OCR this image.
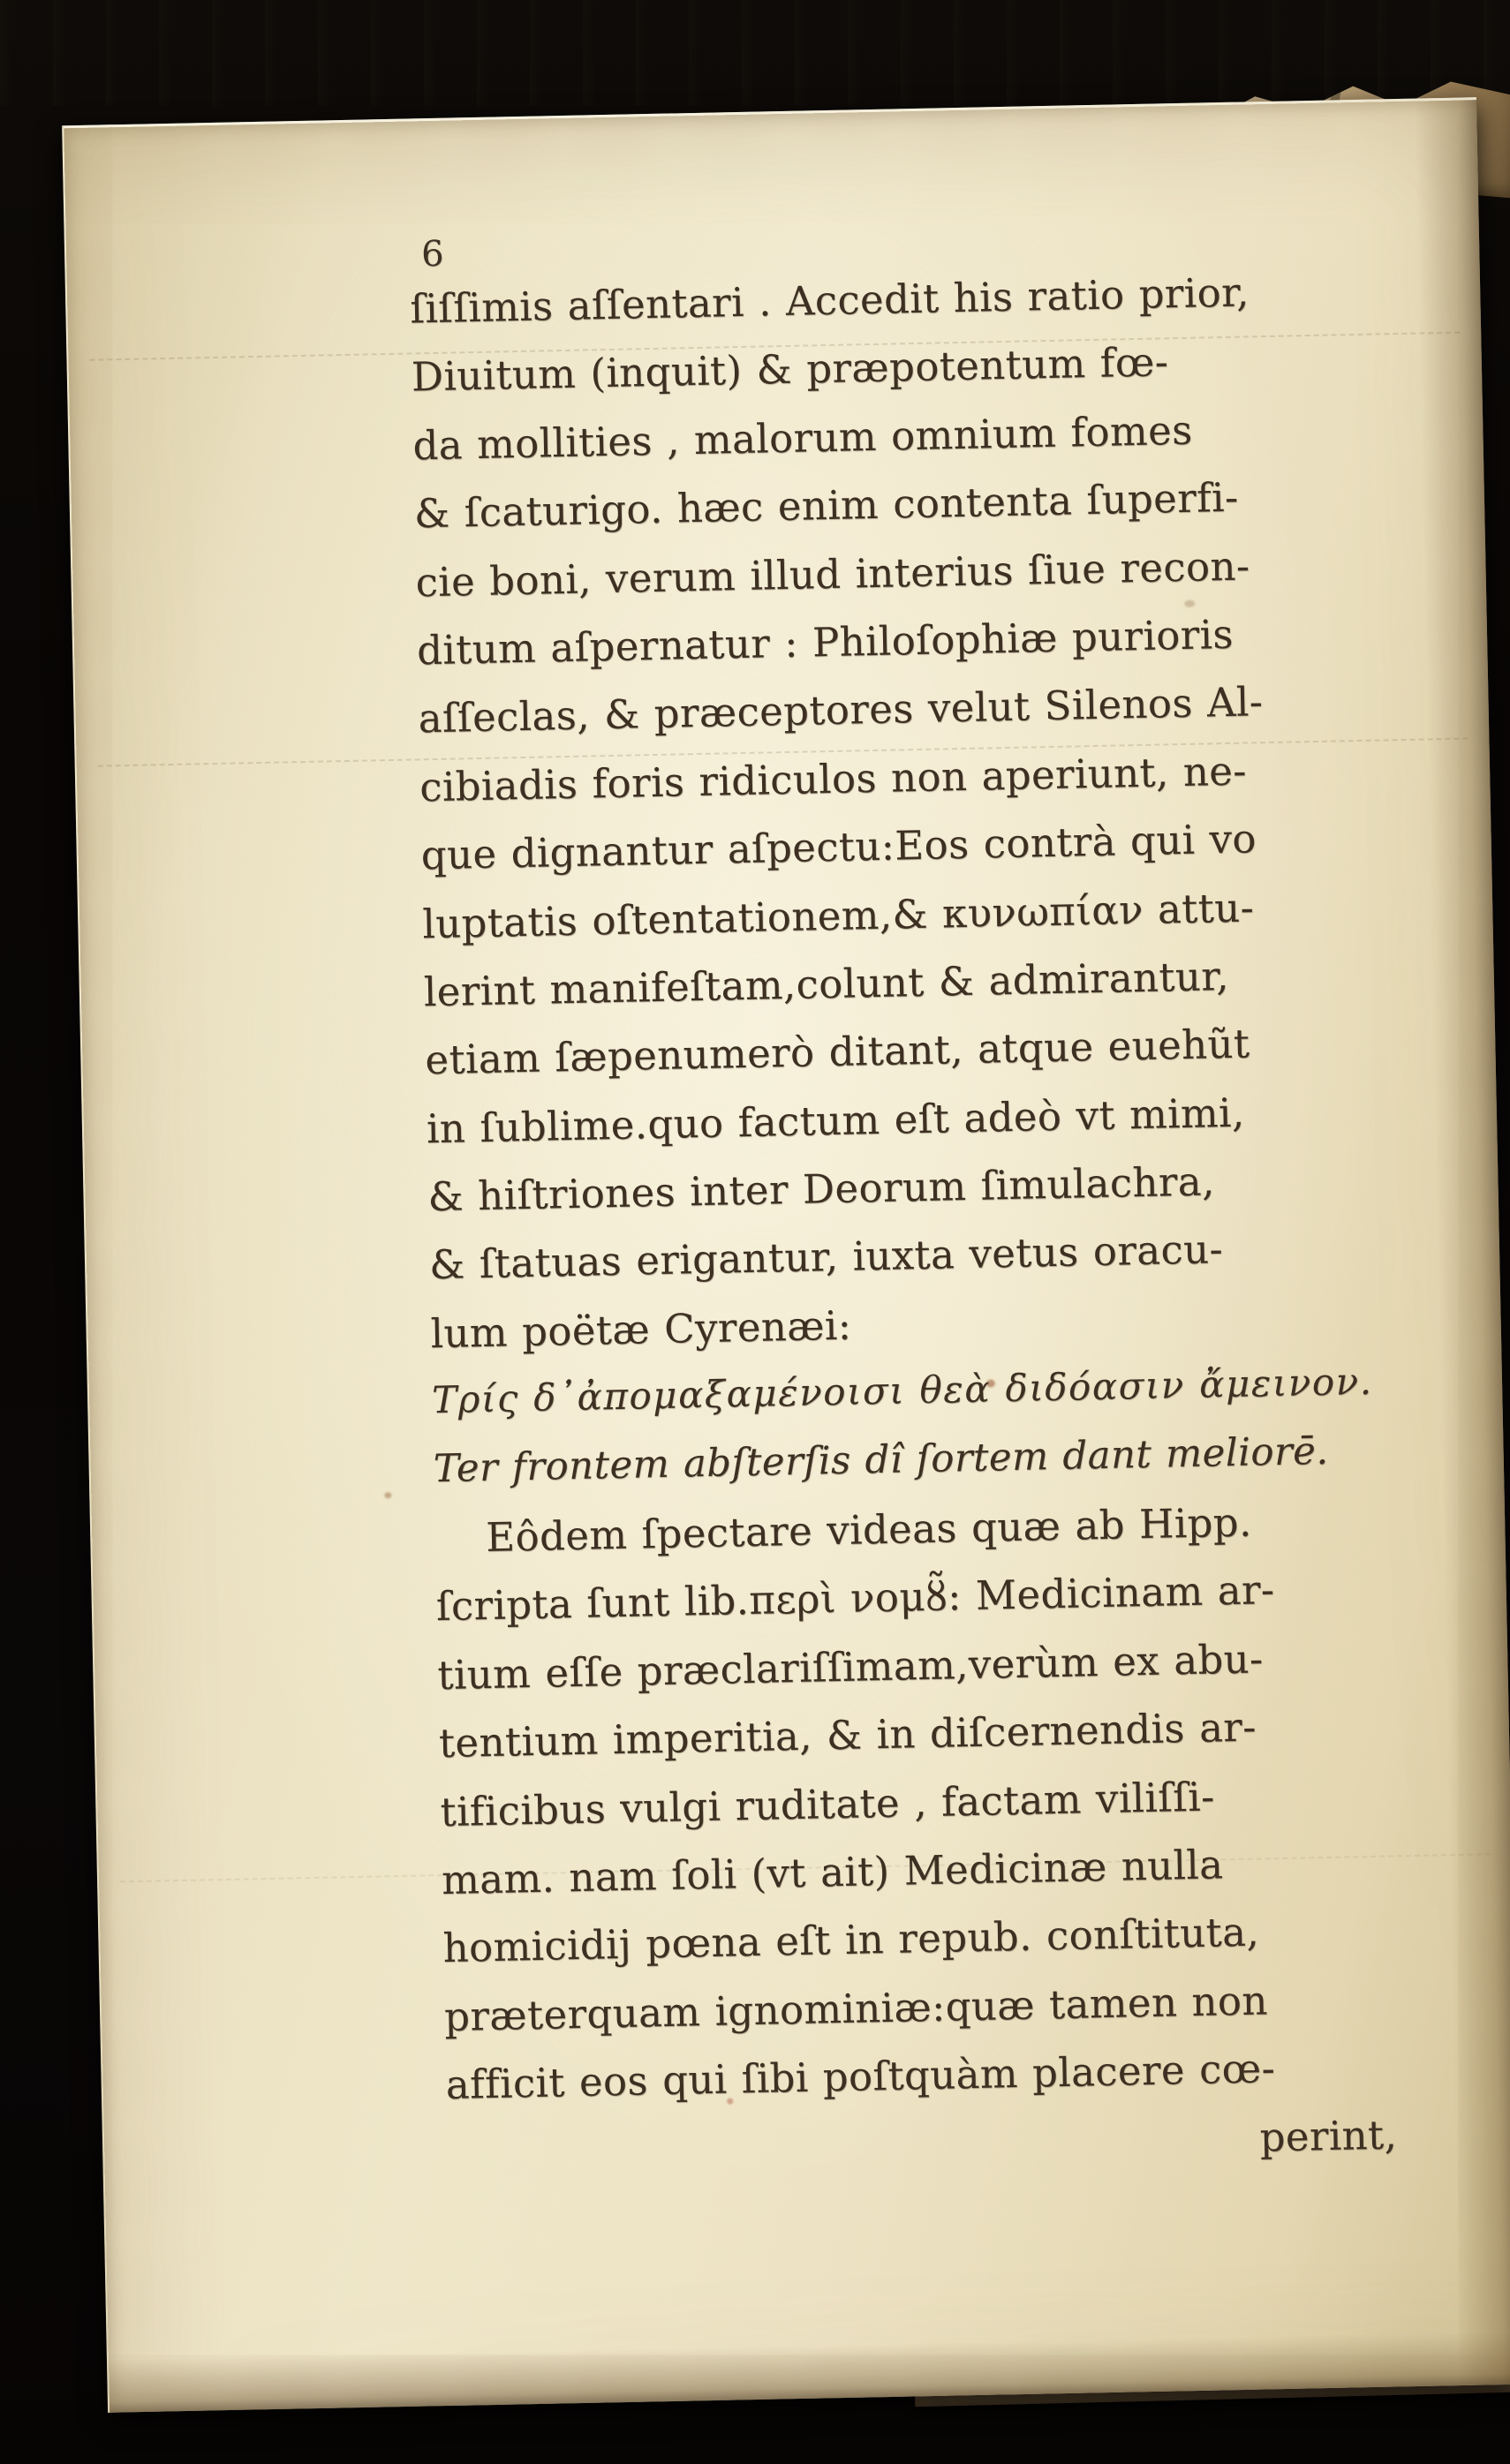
6
ſiſſimis aſſentari . Accedit his ratio prior,
Diuitum (inquit) & præpotentum fœ-
da mollities , malorum omnium fomes
& ſcaturigo. hæc enim contenta ſuperfi-
cie boni, verum illud interius ſiue recon-
ditum aſpernatur : Philoſophiæ purioris
aſſeclas, & præceptores velut Silenos Al-
cibiadis foris ridiculos non aperiunt, ne-
que dignantur aſpectu:Eos contrà qui vo
luptatis oſtentationem,& κυνωπίαν attu-
lerint manifeſtam,colunt & admirantur,
etiam ſæpenumerò ditant, atque euehũt
in ſublime.quo factum eſt adeò vt mimi,
& hiſtriones inter Deorum ſimulachra,
& ſtatuas erigantur, iuxta vetus oracu-
lum poëtæ Cyrenæi:
Τρίς δ᾽ἀπομαξαμένοισι θεὰ διδόασιν ἄμεινον.
Ter frontem abſterſis dî ſortem dant meliorē.
Eôdem ſpectare videas quæ ab Hipp.
ſcripta ſunt lib.περὶ νομȣ̃: Medicinam ar-
tium eſſe præclariſſimam,verùm ex abu-
tentium imperitia, & in diſcernendis ar-
tificibus vulgi ruditate , factam viliſſi-
mam. nam ſoli (vt ait) Medicinæ nulla
homicidij pœna eſt in repub. conſtituta,
præterquam ignominiæ:quæ tamen non
afficit eos qui ſibi poſtquàm placere cœ-
perint,
